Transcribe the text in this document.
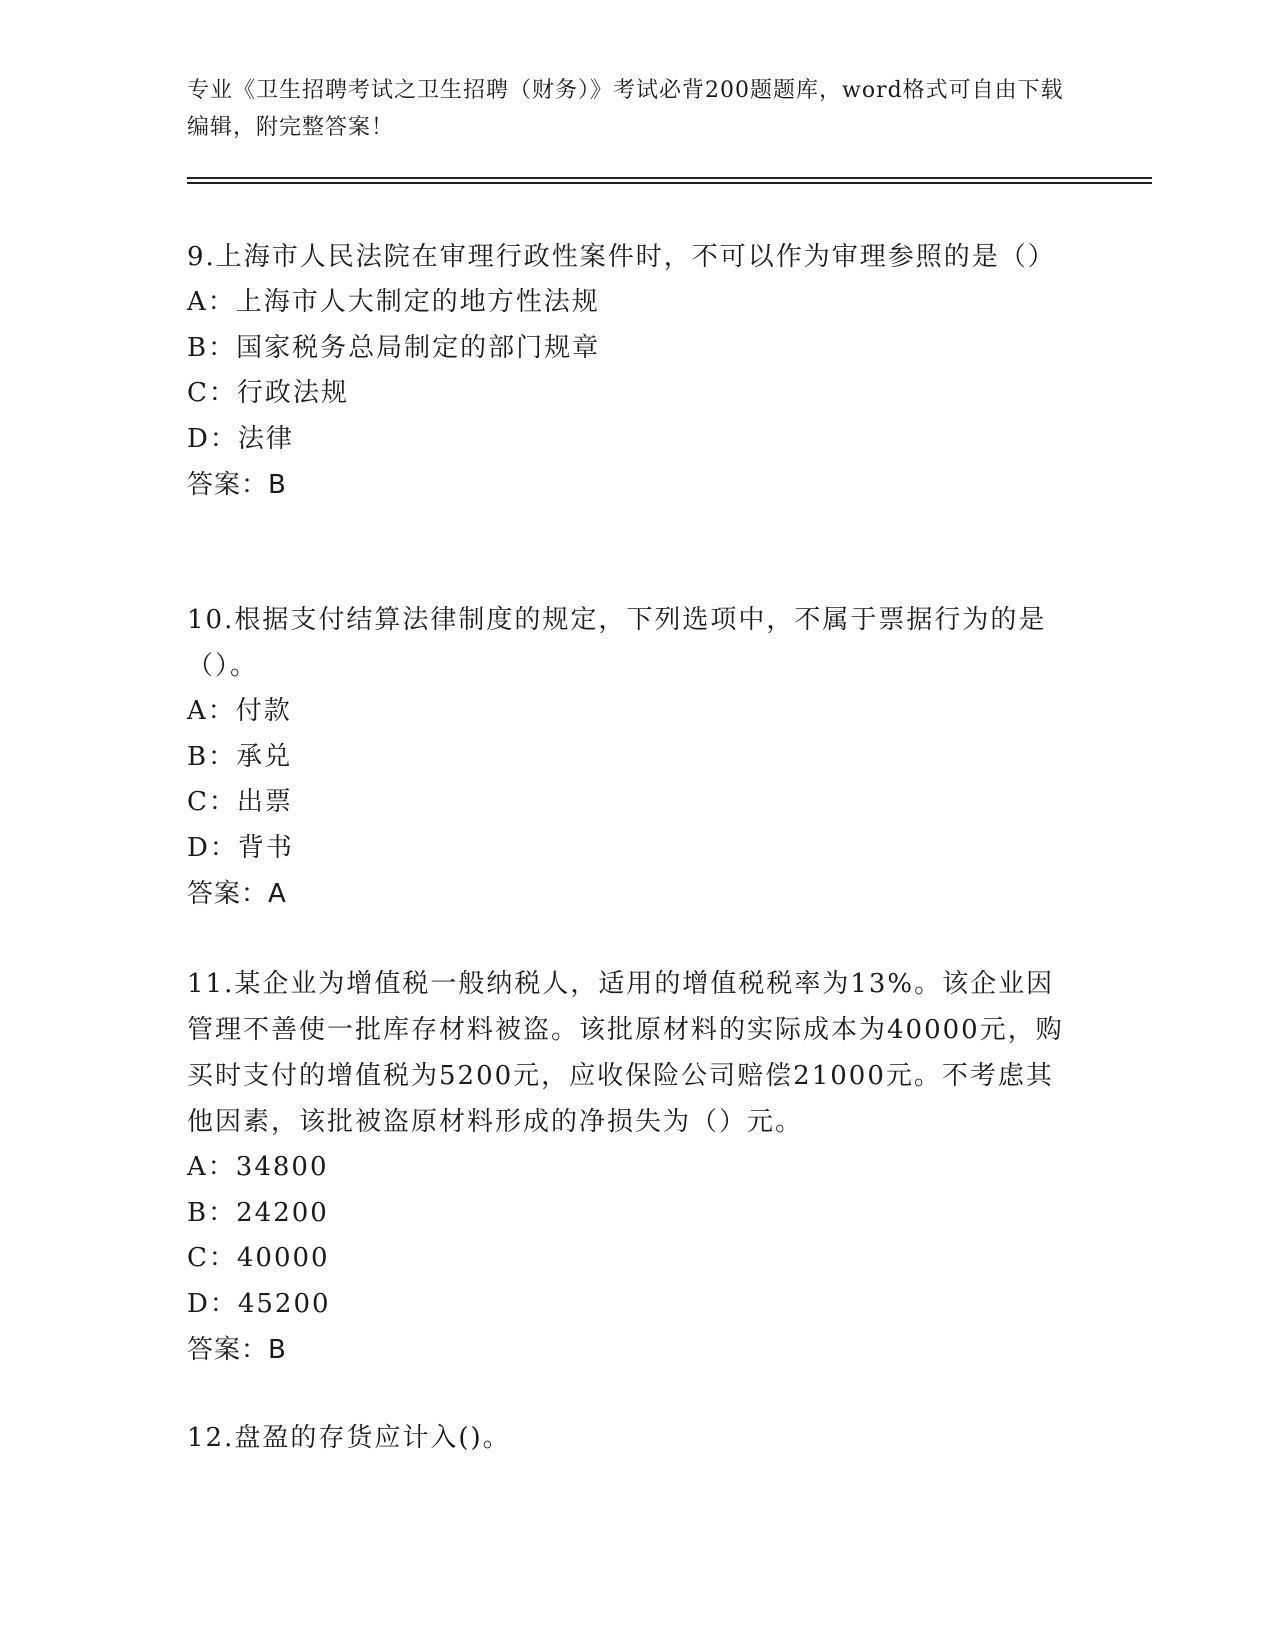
专业《卫生招聘考试之卫生招聘（财务）》考试必背200题题库，word格式可自由下载编辑，附完整答案！

9.上海市人民法院在审理行政性案件时，不可以作为审理参照的是（）

A：上海市人大制定的地方性法规

B：国家税务总局制定的部门规章

C：行政法规

D：法律

答案：B

10.根据支付结算法律制度的规定，下列选项中，不属于票据行为的是（）。

A：付款

B：承兑

C：出票

D：背书

答案：A

11.某企业为增值税一般纳税人，适用的增值税税率为13%。该企业因管理不善使一批库存材料被盗。该批原材料的实际成本为40000元，购买时支付的增值税为5200元，应收保险公司赔偿21000元。不考虑其他因素，该批被盗原材料形成的净损失为（）元。

A：34800

B：24200

C：40000

D：45200

答案：B

12.盘盈的存货应计入()。
